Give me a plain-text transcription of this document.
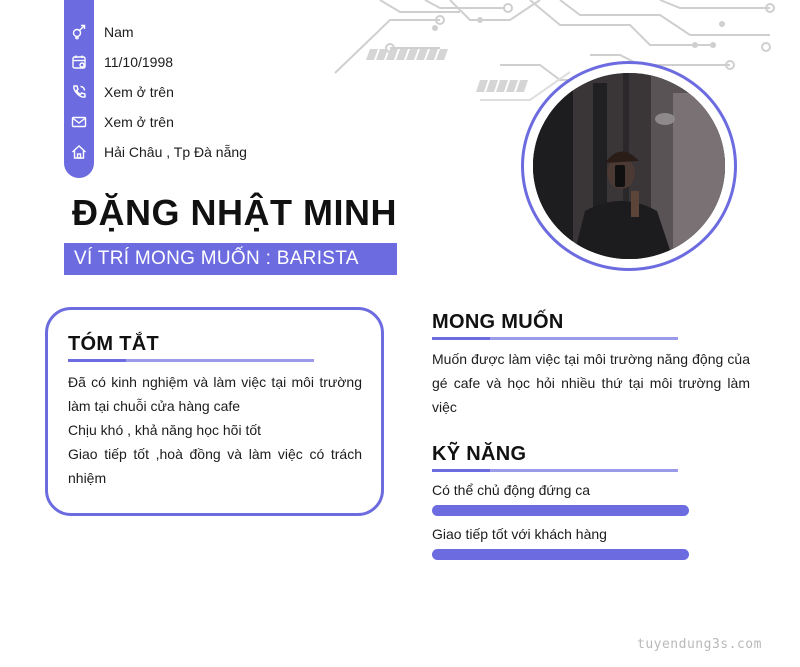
Nam
11/10/1998
Xem ở trên
Xem ở trên
Hải Châu , Tp Đà nẵng
ĐẶNG NHẬT MINH
VÍ TRÍ MONG MUỐN : BARISTA
TÓM TẮT
Đã có kinh nghiệm và làm việc tại môi trường làm tại chuỗi cửa hàng cafe
Chịu khó , khả năng học hõi tốt
Giao tiếp tốt ,hoà đồng và làm việc có trách nhiệm
MONG MUỐN
Muốn được làm việc tại môi trường năng động của gé cafe và học hỏi nhiều thứ tại môi trường làm việc
KỸ NĂNG
Có thể chủ động đứng ca
Giao tiếp tốt với khách hàng
tuyendung3s.com
